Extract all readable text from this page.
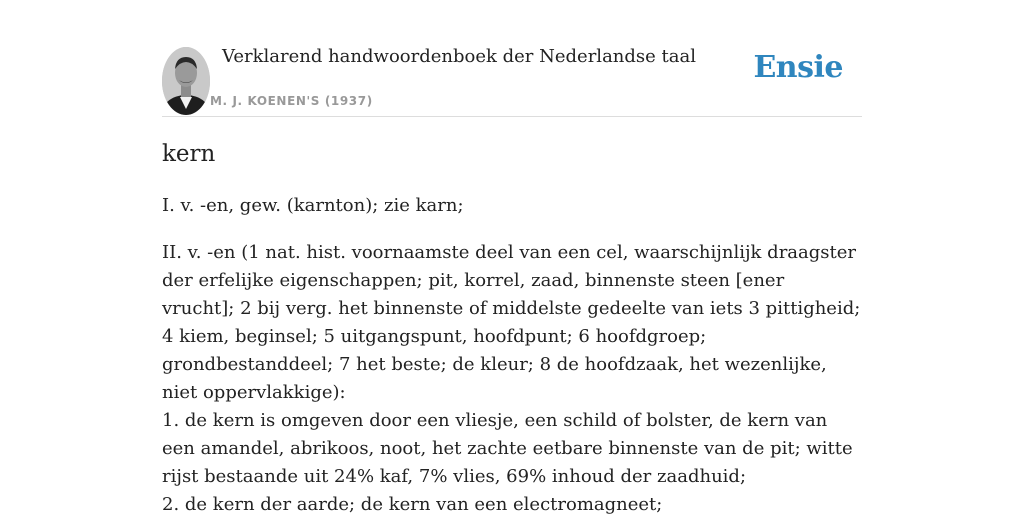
Verklarend handwoordenboek der Nederlandse taal
M. J. KOENEN'S (1937)
Ensie
kern

I. v. -en, gew. (karnton); zie karn;

II. v. -en (1 nat. hist. voornaamste deel van een cel, waarschijnlijk draagster der erfelijke eigenschappen; pit, korrel, zaad, binnenste steen [ener vrucht]; 2 bij verg. het binnenste of middelste gedeelte van iets 3 pittigheid; 4 kiem, beginsel; 5 uitgangspunt, hoofdpunt; 6 hoofdgroep; grondbestanddeel; 7 het beste; de kleur; 8 de hoofdzaak, het wezenlijke, niet oppervlakkige):

1. de kern is omgeven door een vliesje, een schild of bolster, de kern van een amandel, abrikoos, noot, het zachte eetbare binnenste van de pit; witte rijst bestaande uit 24% kaf, 7% vlies, 69% inhoud der zaadhuid;
2. de kern der aarde; de kern van een electromagneet;
